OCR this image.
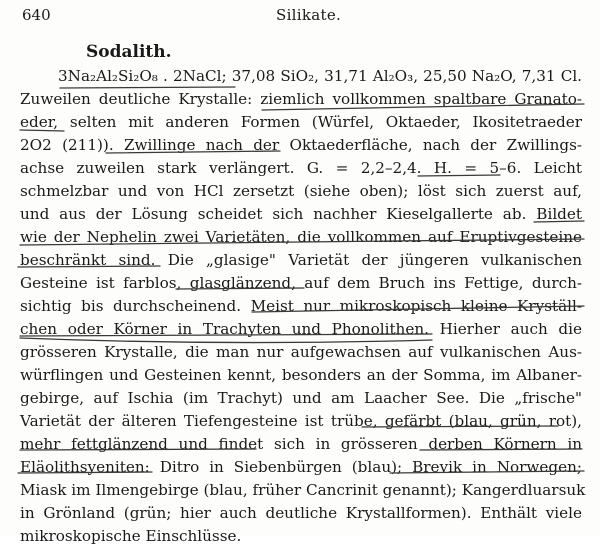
640	Silikate.
Sodalith.
3Na₂Al₂Si₂O₈ . 2NaCl; 37,08 SiO₂, 31,71 Al₂O₃, 25,50 Na₂O, 7,31 Cl.
Zuweilen deutliche Krystalle: ziemlich vollkommen spaltbare Granato-
eder, selten mit anderen Formen (Würfel, Oktaeder, Ikositetraeder
2O2 (211)). Zwillinge nach der Oktaederfläche, nach der Zwillings-
achse zuweilen stark verlängert. G. = 2,2–2,4. H. = 5–6. Leicht
schmelzbar und von HCl zersetzt (siehe oben); löst sich zuerst auf,
und aus der Lösung scheidet sich nachher Kieselgallerte ab. Bildet
wie der Nephelin zwei Varietäten, die vollkommen auf Eruptivgesteine
beschränkt sind. Die „glasige" Varietät der jüngeren vulkanischen
Gesteine ist farblos, glasglänzend, auf dem Bruch ins Fettige, durch-
sichtig bis durchscheinend. Meist nur mikroskopisch kleine Kryställ-
chen oder Körner in Trachyten und Phonolithen. Hierher auch die
grösseren Krystalle, die man nur aufgewachsen auf vulkanischen Aus-
würflingen und Gesteinen kennt, besonders an der Somma, im Albaner-
gebirge, auf Ischia (im Trachyt) und am Laacher See. Die „frische"
Varietät der älteren Tiefengesteine ist trübe, gefärbt (blau, grün, rot),
mehr fettglänzend und findet sich in grösseren derben Körnern in
Eläolithsyeniten: Ditro in Siebenbürgen (blau); Brevik in Norwegen;
Miask im Ilmengebirge (blau, früher Cancrinit genannt); Kangerdluarsuk
in Grönland (grün; hier auch deutliche Krystallformen). Enthält viele
mikroskopische Einschlüsse.
